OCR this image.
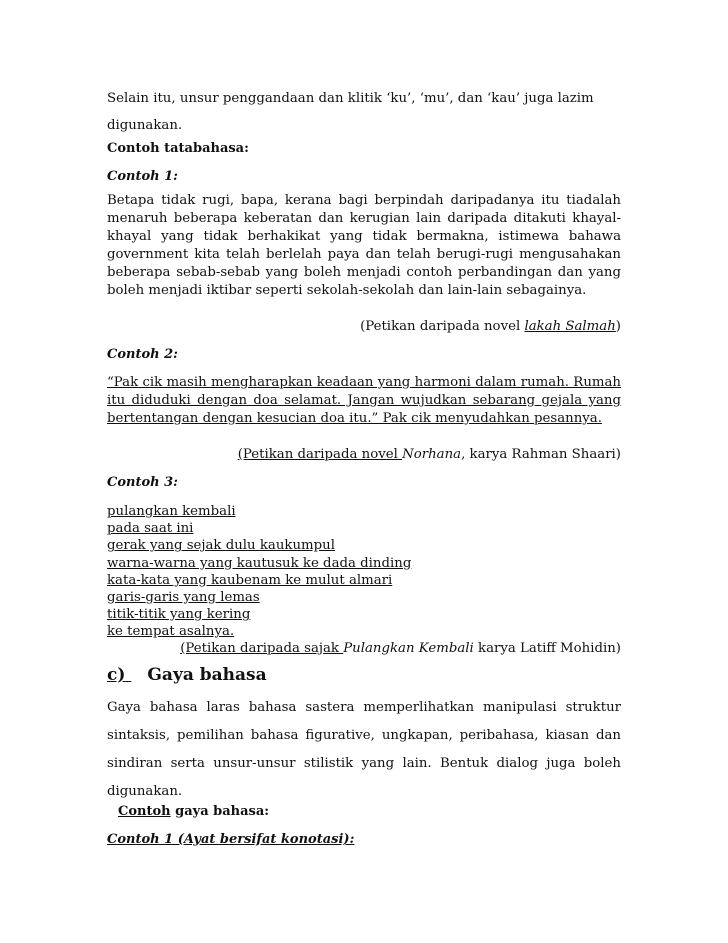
Selain itu, unsur penggandaan dan klitik ‘ku’, ‘mu’, dan ‘kau’ juga lazim
digunakan.

Contoh tatabahasa:

Contoh 1:

Betapa tidak rugi, bapa, kerana bagi berpindah daripadanya itu tiadalah menaruh beberapa keberatan dan kerugian lain daripada ditakuti khayal-khayal yang tidak berhakikat yang tidak bermakna, istimewa bahawa government kita telah berlelah paya dan telah berugi-rugi mengusahakan beberapa sebab-sebab yang boleh menjadi contoh perbandingan dan yang boleh menjadi iktibar seperti sekolah-sekolah dan lain-lain sebagainya.

(Petikan daripada novel lakah Salmah)

Contoh 2:

“Pak cik masih mengharapkan keadaan yang harmoni dalam rumah. Rumah itu diduduki dengan doa selamat. Jangan wujudkan sebarang gejala yang bertentangan dengan kesucian doa itu.” Pak cik menyudahkan pesannya.

(Petikan daripada novel Norhana, karya Rahman Shaari)

Contoh 3:

pulangkan kembali
pada saat ini
gerak yang sejak dulu kaukumpul
warna-warna yang kautusuk ke dada dinding
kata-kata yang kaubenam ke mulut almari
garis-garis yang lemas
titik-titik yang kering
ke tempat asalnya.
(Petikan daripada sajak Pulangkan Kembali karya Latiff Mohidin)
c) Gaya bahasa

Gaya bahasa laras bahasa sastera memperlihatkan manipulasi struktur sintaksis, pemilihan bahasa figurative, ungkapan, peribahasa, kiasan dan sindiran serta unsur-unsur stilistik yang lain. Bentuk dialog juga boleh digunakan.

Contoh gaya bahasa:

Contoh 1 (Ayat bersifat konotasi):
